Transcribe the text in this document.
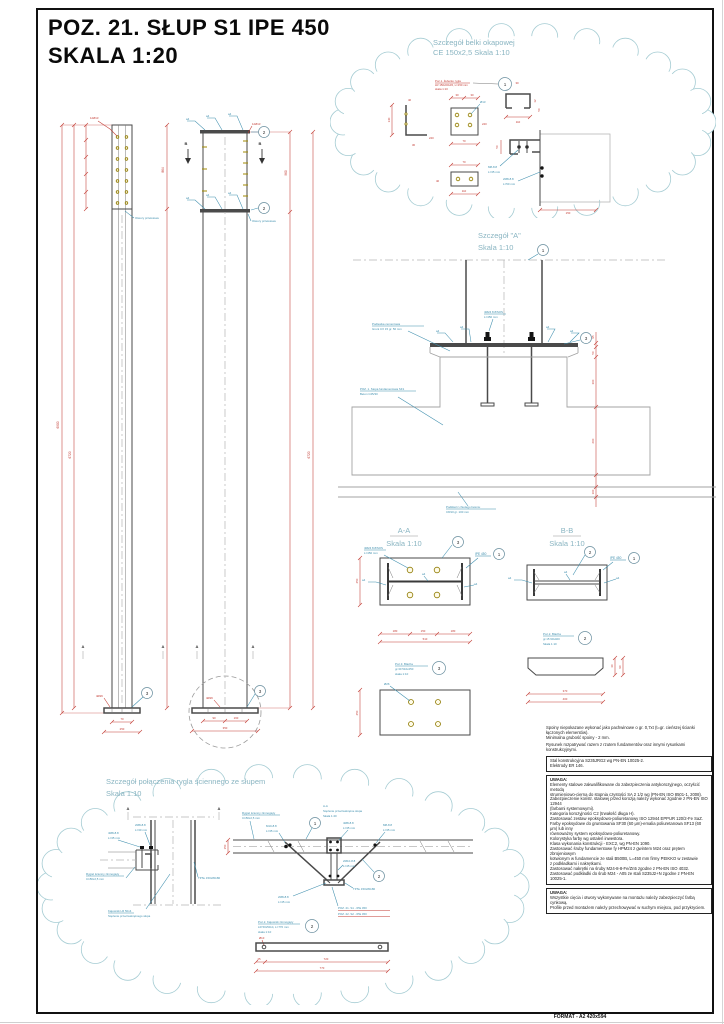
POZ. 21. SŁUP S1 IPE 450
SKALA 1:20
6900
6720
864
960
6720
12Ø13
Otwory przelotowe
3
4Ø26
70
250
A	A
12Ø13
a4
a4	a4
a4
a4	a4
2
2
B	B
Otwory przelotowe
A	A
3
4Ø26
90	160
350
Szczegół belki okapowej
CE 150x2,5 Skala 1:10
Poz.1. Żeberko rygla
LR 150x60x45, L=150 mm
skala 1:10
1
140
40
30
240
30	30
Ø13
240
70
30
110
12
50
70
110
40
50
M8-8.8
L=35 mm
2M8-8.8
L=50 mm
150
Szczegół "A"
Skala 1:10	1
a4
a4	a4
a4
4M24 8.8/SOS
L=450 mm
3
Podlewka cementowa
Grunt CX 15 gr. 50 mm
POZ. 1. Stopa fundamentowa SF1
Beton C25/30
Podkład z chudego betonu
C8/10 gr. 100 mm
95
50
300
600
100
A-A
Skala 1:10
4M24 8.8/SOS
L=450 mm
3
IPE 450 1
a4
a4
a4
250
B-B
Skala 1:10
2
IPE 450 1
a4
a4
a4
180	150	180
510
Poz.3. Blacha
gr.30 510x250
skala 1:10
3
Ø26
250
Poz.2. Blacha
gr.15 90x400
Skala 1:10
2
30 90
370
400
Szczegół połączenia rygla ściennego ze słupem
Skala 1:10
A	A
2M8-8.8
L=30 mm
4M8-8.8
L=35 mm
Rygiel ścienny zimnogięty
C150x2,5 mm	TPSL 150x80x80
Kątownik LR 50x4
Stężenie przeciwskrętnego słupa
Rygiel ścienny zimnogięty
C150x2,5 mm
M10-8.8
L=35 mm
150
1
A-A
Stężenie przeciwskrętne słupa
Skala 1:20
4M8-8.8
L=35 mm
M8-8.8
L=35 mm
2M10-8.8
L=45 mm
2M8-8.8
L=45 mm
TPSL 150x80x80
2
POZ. 21. S1 - IPE 450
POZ. 22. S2 - IPE 450
Poz.2. Kątownik zimnogięty
LR 50x50x4, L=770 mm
skala 1:10
2
Ø10
25	720
770

Spoiny niepokazane wykonać jako pachwinowe o gr. 0,7xt (t=gr. cieńszej ścianki łączonych elementów).
Minimalna grubość spoiny - 2 mm.

Rysunek rozpatrywać razem z rzutem fundamentów oraz innymi rysunkami konstrukcyjnymi.

Stal konstrukcyjna S235JRG2 wg PN-EN 10025-2.
Elektrody ER 146.
UWAGA:
Elementy stalowe zakwalifikowane do zabezpieczenia antykorozyjnego, oczyścić metodą
strumieniowo-cierną do stopnia czystości SA 2 1/2 wg (PN-EN ISO 8501-1, 2008).
Zabezpieczenie konstr. stalowej przed korozją należy wykonać zgodnie z PN-EN ISO 12944
(farbami systemowymi).
Kategoria korozyjności C2 (trwałość długa H).
Zastosować zestaw epoksydowo-poliuretanowy ISO 12944 EPPUR 120/2-Fe SaZ.
Farby epoksydowe do gruntowania SF30 (60 μm)-emalia poliuretanowa SF13 (60 μm) lub inny
równoważny system epoksydowo-poliuretanowy.
Kolorystyka farby wg ustaleń inwestora.
Klasa wykonania konstrukcji - EXC2, wg PN-EN 1090.
Zastosować śruby fundamentowe fy HPM24 z gwintem M24 oraz prętem zbrojeniowym
kotwionym w fundamencie ze stali B500B, L=450 mm firmy PEIKKO w zestawie
z podkładkami i nakrętkami.
Zastosować nakrętki na śruby M24-8-8-Fe/Zn5 zgodne z PN-EN ISO 4032.
Zastosować podkładki do śrub M24 - A05 ze stali S235J2+N zgodne z PN-EN 10025-1.
UWAGA:
Wszystkie cięcia i otwory wykonywane na montażu należy zabezpieczyć farbą cynkową.
Profile przed montażem należy przechowywać w suchym miejscu, pod przykryciem.
FORMAT - A2 420x594
